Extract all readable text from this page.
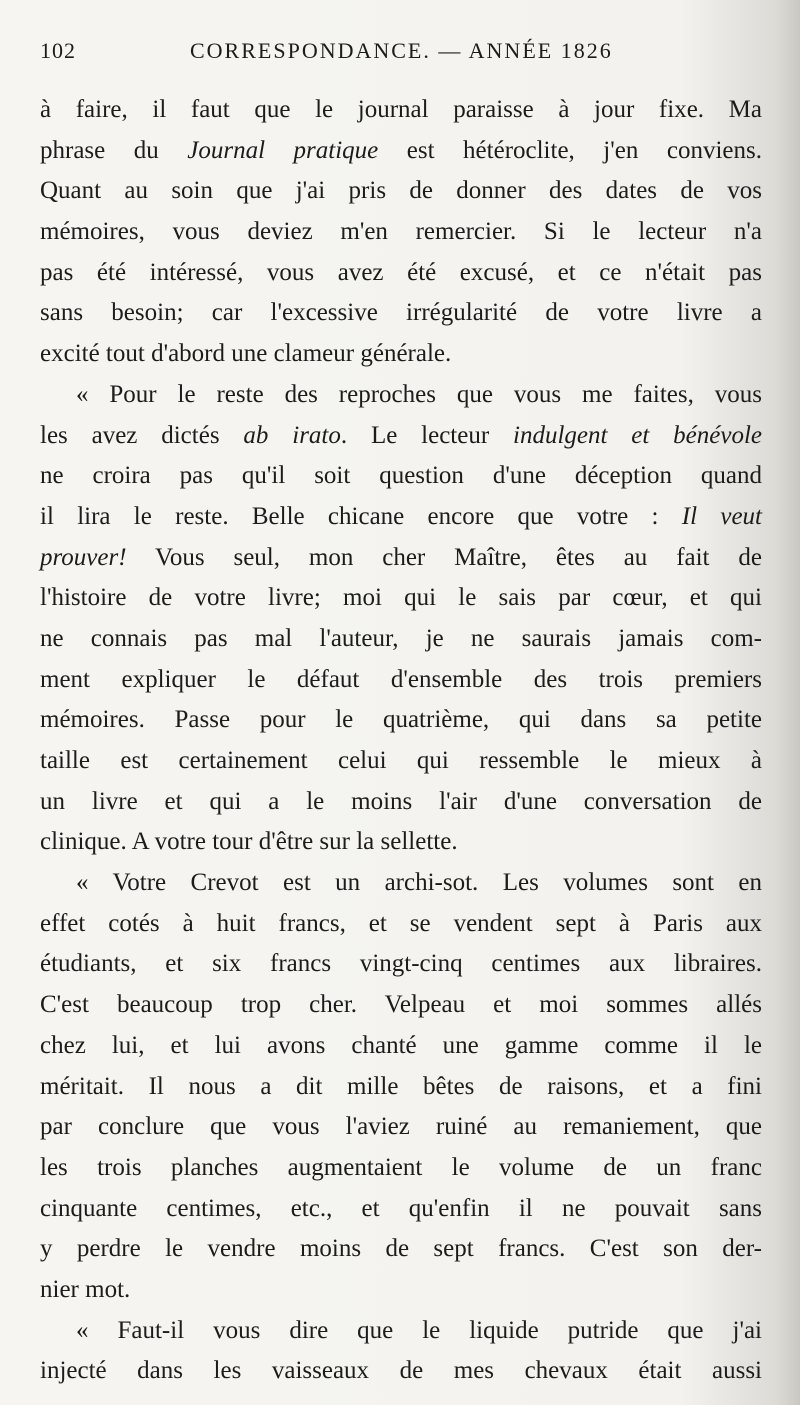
102	CORRESPONDANCE. — ANNÉE 1826
à faire, il faut que le journal paraisse à jour fixe. Ma
phrase du Journal pratique est hétéroclite, j'en conviens.
Quant au soin que j'ai pris de donner des dates de vos
mémoires, vous deviez m'en remercier. Si le lecteur n'a
pas été intéressé, vous avez été excusé, et ce n'était pas
sans besoin; car l'excessive irrégularité de votre livre a
excité tout d'abord une clameur générale.
« Pour le reste des reproches que vous me faites, vous
les avez dictés ab irato. Le lecteur indulgent et bénévole
ne croira pas qu'il soit question d'une déception quand
il lira le reste. Belle chicane encore que votre : Il veut
prouver! Vous seul, mon cher Maître, êtes au fait de
l'histoire de votre livre; moi qui le sais par cœur, et qui
ne connais pas mal l'auteur, je ne saurais jamais com-
ment expliquer le défaut d'ensemble des trois premiers
mémoires. Passe pour le quatrième, qui dans sa petite
taille est certainement celui qui ressemble le mieux à
un livre et qui a le moins l'air d'une conversation de
clinique. A votre tour d'être sur la sellette.
« Votre Crevot est un archi-sot. Les volumes sont en
effet cotés à huit francs, et se vendent sept à Paris aux
étudiants, et six francs vingt-cinq centimes aux libraires.
C'est beaucoup trop cher. Velpeau et moi sommes allés
chez lui, et lui avons chanté une gamme comme il le
méritait. Il nous a dit mille bêtes de raisons, et a fini
par conclure que vous l'aviez ruiné au remaniement, que
les trois planches augmentaient le volume de un franc
cinquante centimes, etc., et qu'enfin il ne pouvait sans
y perdre le vendre moins de sept francs. C'est son der-
nier mot.
« Faut-il vous dire que le liquide putride que j'ai
injecté dans les vaisseaux de mes chevaux était aussi
